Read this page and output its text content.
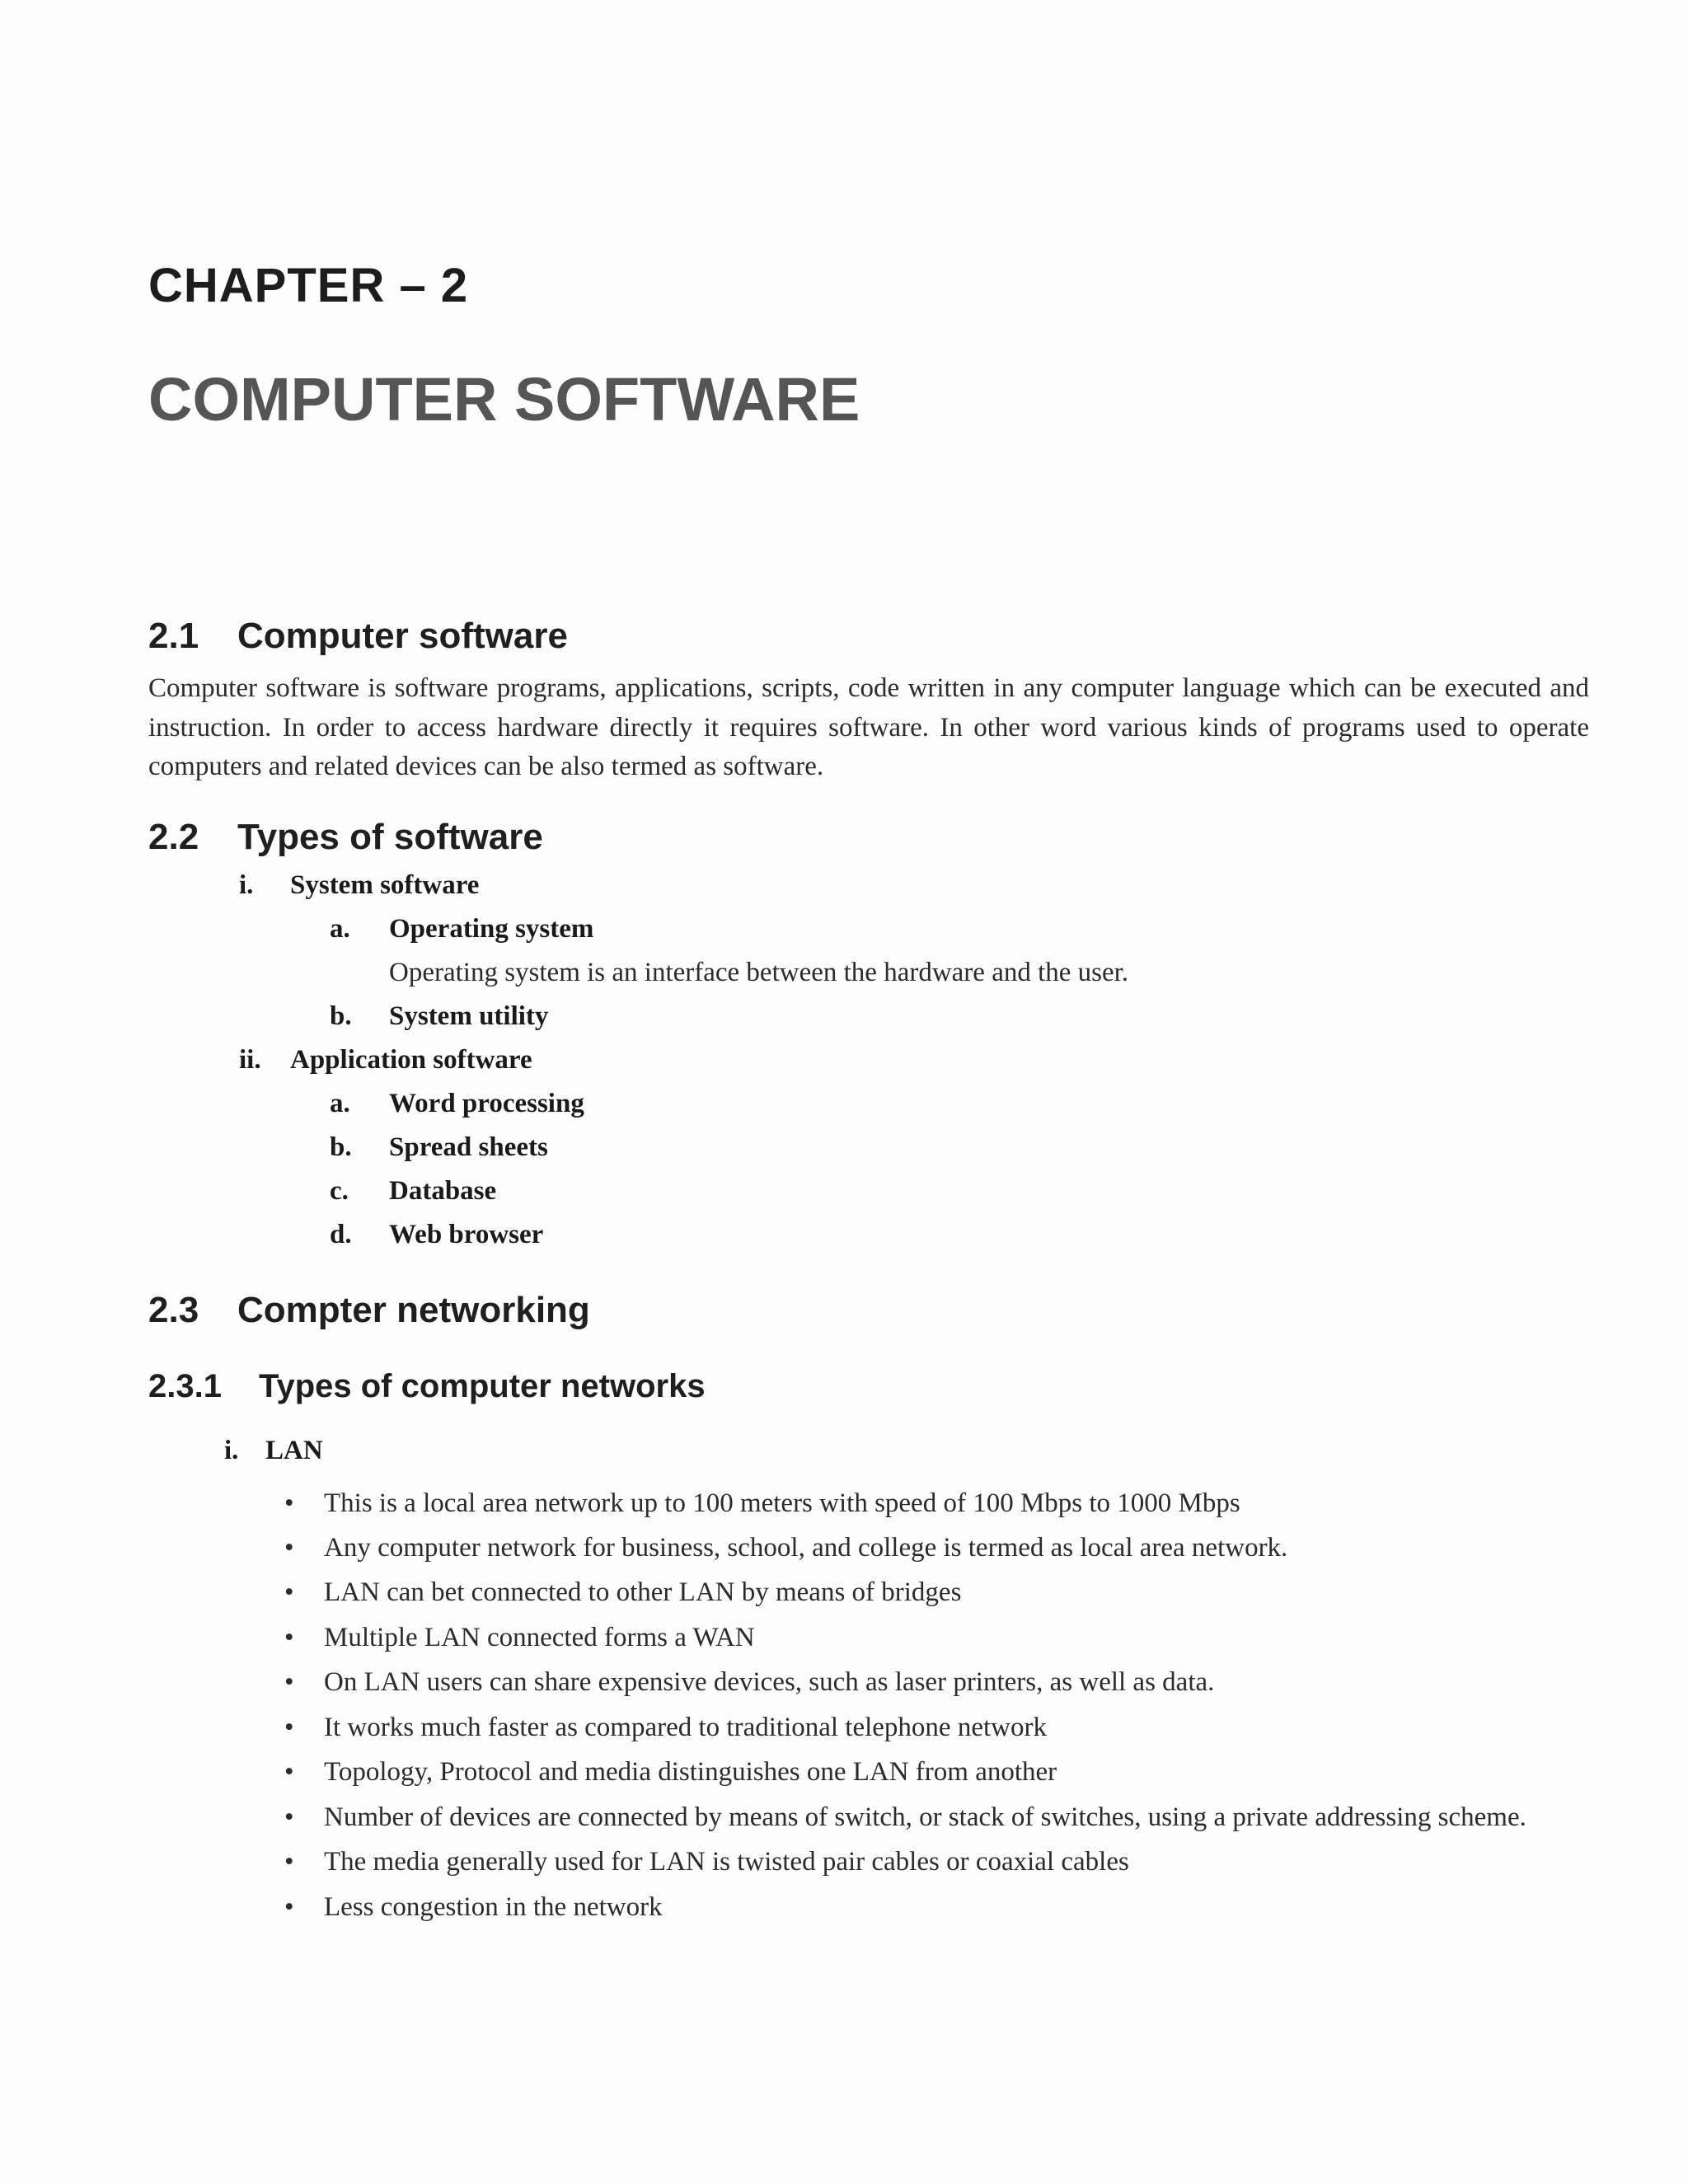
CHAPTER – 2
COMPUTER SOFTWARE
2.1 Computer software
Computer software is software programs, applications, scripts, code written in any computer language which can be executed and instruction. In order to access hardware directly it requires software. In other word various kinds of programs used to operate computers and related devices can be also termed as software.
2.2 Types of software
i. System software
a. Operating system
Operating system is an interface between the hardware and the user.
b. System utility
ii. Application software
a. Word processing
b. Spread sheets
c. Database
d. Web browser
2.3 Compter networking
2.3.1 Types of computer networks
i. LAN
• This is a local area network up to 100 meters with speed of 100 Mbps to 1000 Mbps
• Any computer network for business, school, and college is termed as local area network.
• LAN can bet connected to other LAN by means of bridges
• Multiple LAN connected forms a WAN
• On LAN users can share expensive devices, such as laser printers, as well as data.
• It works much faster as compared to traditional telephone network
• Topology, Protocol and media distinguishes one LAN from another
• Number of devices are connected by means of switch, or stack of switches, using a private addressing scheme.
• The media generally used for LAN is twisted pair cables or coaxial cables
• Less congestion in the network
